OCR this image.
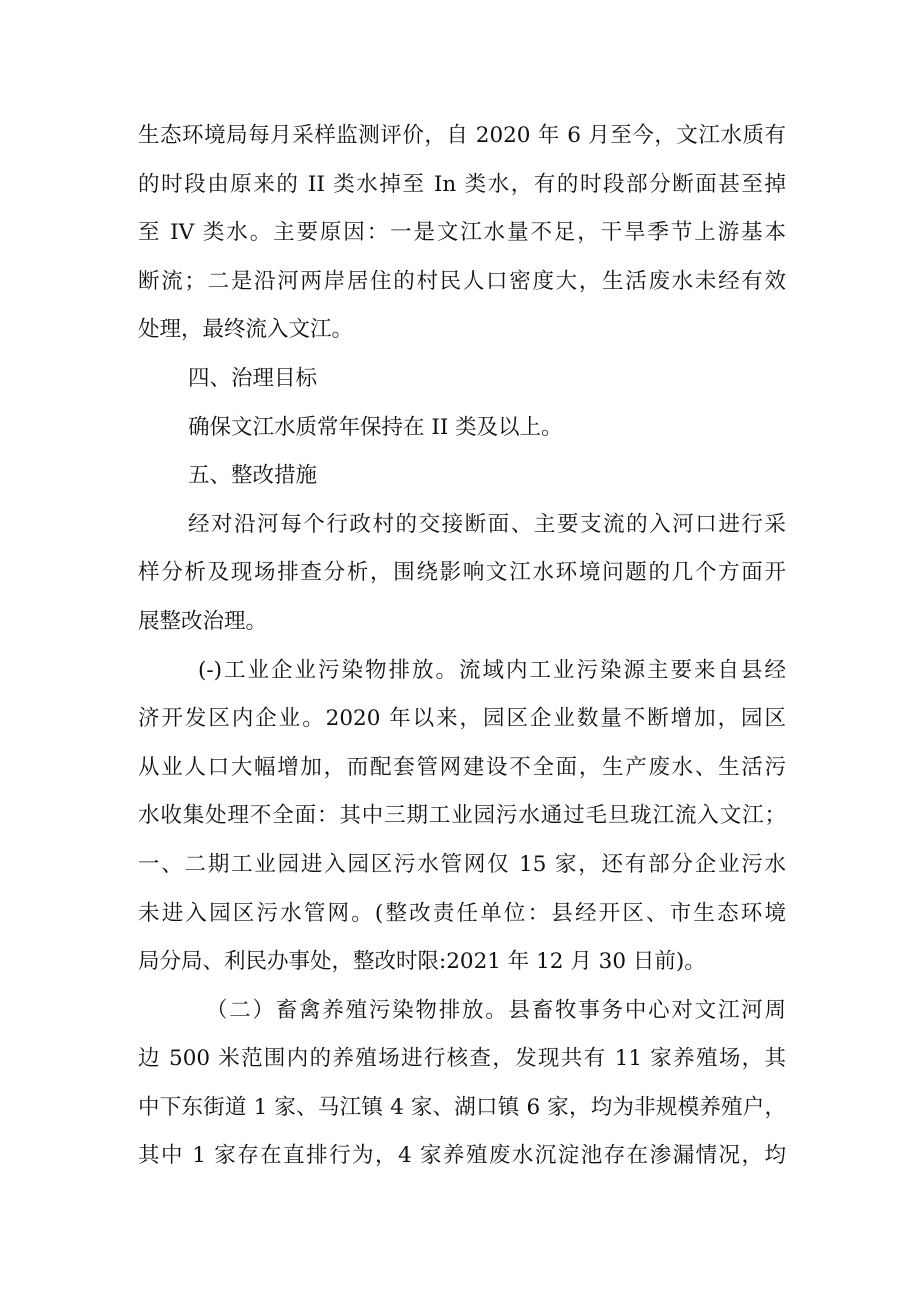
生态环境局每月采样监测评价，自 2020 年 6 月至今，文江水质有
的时段由原来的 II 类水掉至 In 类水，有的时段部分断面甚至掉
至 IV 类水。主要原因：一是文江水量不足，干旱季节上游基本
断流；二是沿河两岸居住的村民人口密度大，生活废水未经有效
处理，最终流入文江。
四、治理目标
确保文江水质常年保持在 II 类及以上。
五、整改措施
经对沿河每个行政村的交接断面、主要支流的入河口进行采
样分析及现场排查分析，围绕影响文江水环境问题的几个方面开
展整改治理。
(-)工业企业污染物排放。流域内工业污染源主要来自县经
济开发区内企业。2020 年以来，园区企业数量不断增加，园区
从业人口大幅增加，而配套管网建设不全面，生产废水、生活污
水收集处理不全面：其中三期工业园污水通过毛旦珑江流入文江；
一、二期工业园进入园区污水管网仅 15 家，还有部分企业污水
未进入园区污水管网。(整改责任单位：县经开区、市生态环境
局分局、利民办事处，整改时限:2021 年 12 月 30 日前)。
（二）畜禽养殖污染物排放。县畜牧事务中心对文江河周
边 500 米范围内的养殖场进行核查，发现共有 11 家养殖场，其
中下东街道 1 家、马江镇 4 家、湖口镇 6 家，均为非规模养殖户，
其中 1 家存在直排行为，4 家养殖废水沉淀池存在渗漏情况，均
